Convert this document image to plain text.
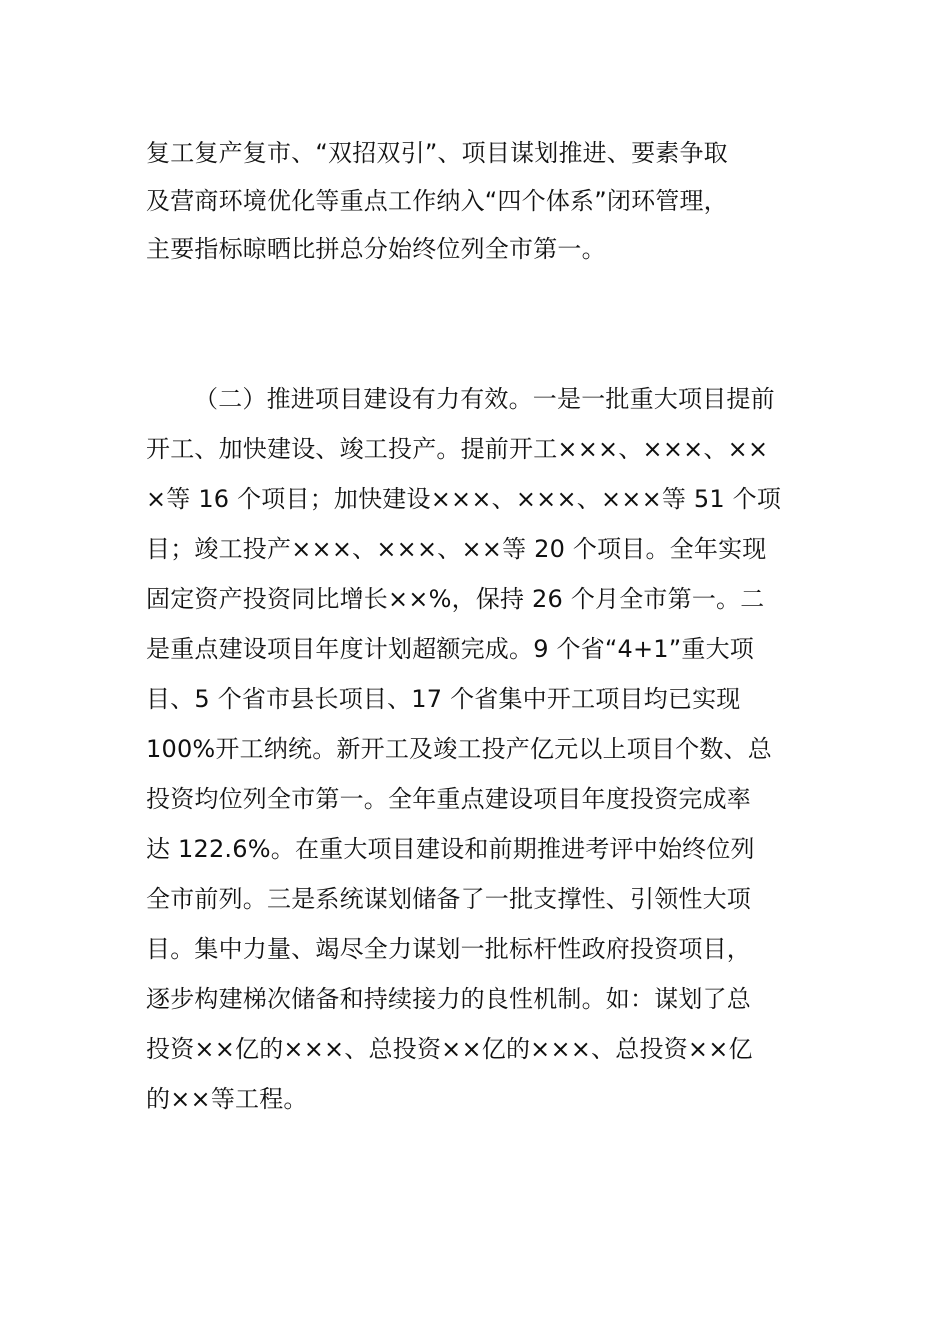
复工复产复市、“双招双引”、项目谋划推进、要素争取
及营商环境优化等重点工作纳入“四个体系”闭环管理，
主要指标晾晒比拼总分始终位列全市第一。
（二）推进项目建设有力有效。一是一批重大项目提前
开工、加快建设、竣工投产。提前开工×××、×××、××
×等 16 个项目；加快建设×××、×××、×××等 51 个项
目；竣工投产×××、×××、××等 20 个项目。全年实现
固定资产投资同比增长××%，保持 26 个月全市第一。二
是重点建设项目年度计划超额完成。9 个省“4+1”重大项
目、5 个省市县长项目、17 个省集中开工项目均已实现
100%开工纳统。新开工及竣工投产亿元以上项目个数、总
投资均位列全市第一。全年重点建设项目年度投资完成率
达 122.6%。在重大项目建设和前期推进考评中始终位列
全市前列。三是系统谋划储备了一批支撑性、引领性大项
目。集中力量、竭尽全力谋划一批标杆性政府投资项目，
逐步构建梯次储备和持续接力的良性机制。如：谋划了总
投资××亿的×××、总投资××亿的×××、总投资××亿
的××等工程。
